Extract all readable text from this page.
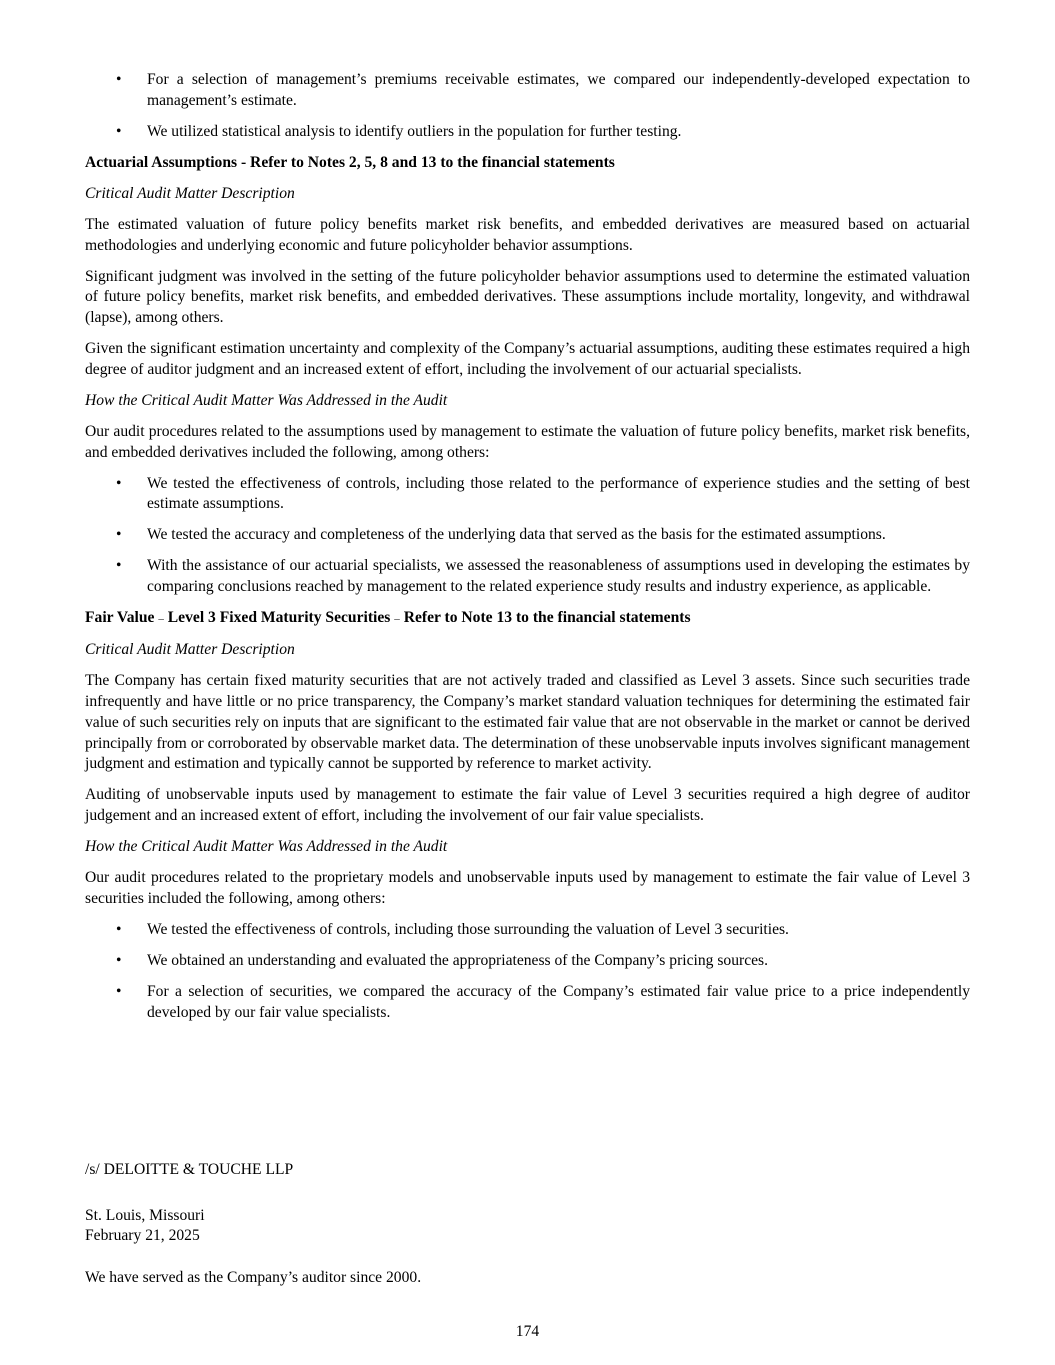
• For a selection of management’s premiums receivable estimates, we compared our independently-developed expectation to management’s estimate.

• We utilized statistical analysis to identify outliers in the population for further testing.

Actuarial Assumptions - Refer to Notes 2, 5, 8 and 13 to the financial statements

Critical Audit Matter Description

The estimated valuation of future policy benefits market risk benefits, and embedded derivatives are measured based on actuarial methodologies and underlying economic and future policyholder behavior assumptions.

Significant judgment was involved in the setting of the future policyholder behavior assumptions used to determine the estimated valuation of future policy benefits, market risk benefits, and embedded derivatives. These assumptions include mortality, longevity, and withdrawal (lapse), among others.

Given the significant estimation uncertainty and complexity of the Company’s actuarial assumptions, auditing these estimates required a high degree of auditor judgment and an increased extent of effort, including the involvement of our actuarial specialists.

How the Critical Audit Matter Was Addressed in the Audit

Our audit procedures related to the assumptions used by management to estimate the valuation of future policy benefits, market risk benefits, and embedded derivatives included the following, among others:

• We tested the effectiveness of controls, including those related to the performance of experience studies and the setting of best estimate assumptions.

• We tested the accuracy and completeness of the underlying data that served as the basis for the estimated assumptions.

• With the assistance of our actuarial specialists, we assessed the reasonableness of assumptions used in developing the estimates by comparing conclusions reached by management to the related experience study results and industry experience, as applicable.

Fair Value – Level 3 Fixed Maturity Securities – Refer to Note 13 to the financial statements

Critical Audit Matter Description

The Company has certain fixed maturity securities that are not actively traded and classified as Level 3 assets. Since such securities trade infrequently and have little or no price transparency, the Company’s market standard valuation techniques for determining the estimated fair value of such securities rely on inputs that are significant to the estimated fair value that are not observable in the market or cannot be derived principally from or corroborated by observable market data. The determination of these unobservable inputs involves significant management judgment and estimation and typically cannot be supported by reference to market activity.

Auditing of unobservable inputs used by management to estimate the fair value of Level 3 securities required a high degree of auditor judgement and an increased extent of effort, including the involvement of our fair value specialists.

How the Critical Audit Matter Was Addressed in the Audit

Our audit procedures related to the proprietary models and unobservable inputs used by management to estimate the fair value of Level 3 securities included the following, among others:

• We tested the effectiveness of controls, including those surrounding the valuation of Level 3 securities.

• We obtained an understanding and evaluated the appropriateness of the Company’s pricing sources.

• For a selection of securities, we compared the accuracy of the Company’s estimated fair value price to a price independently developed by our fair value specialists.

/s/ DELOITTE & TOUCHE LLP
St. Louis, Missouri
February 21, 2025
We have served as the Company’s auditor since 2000.
174
